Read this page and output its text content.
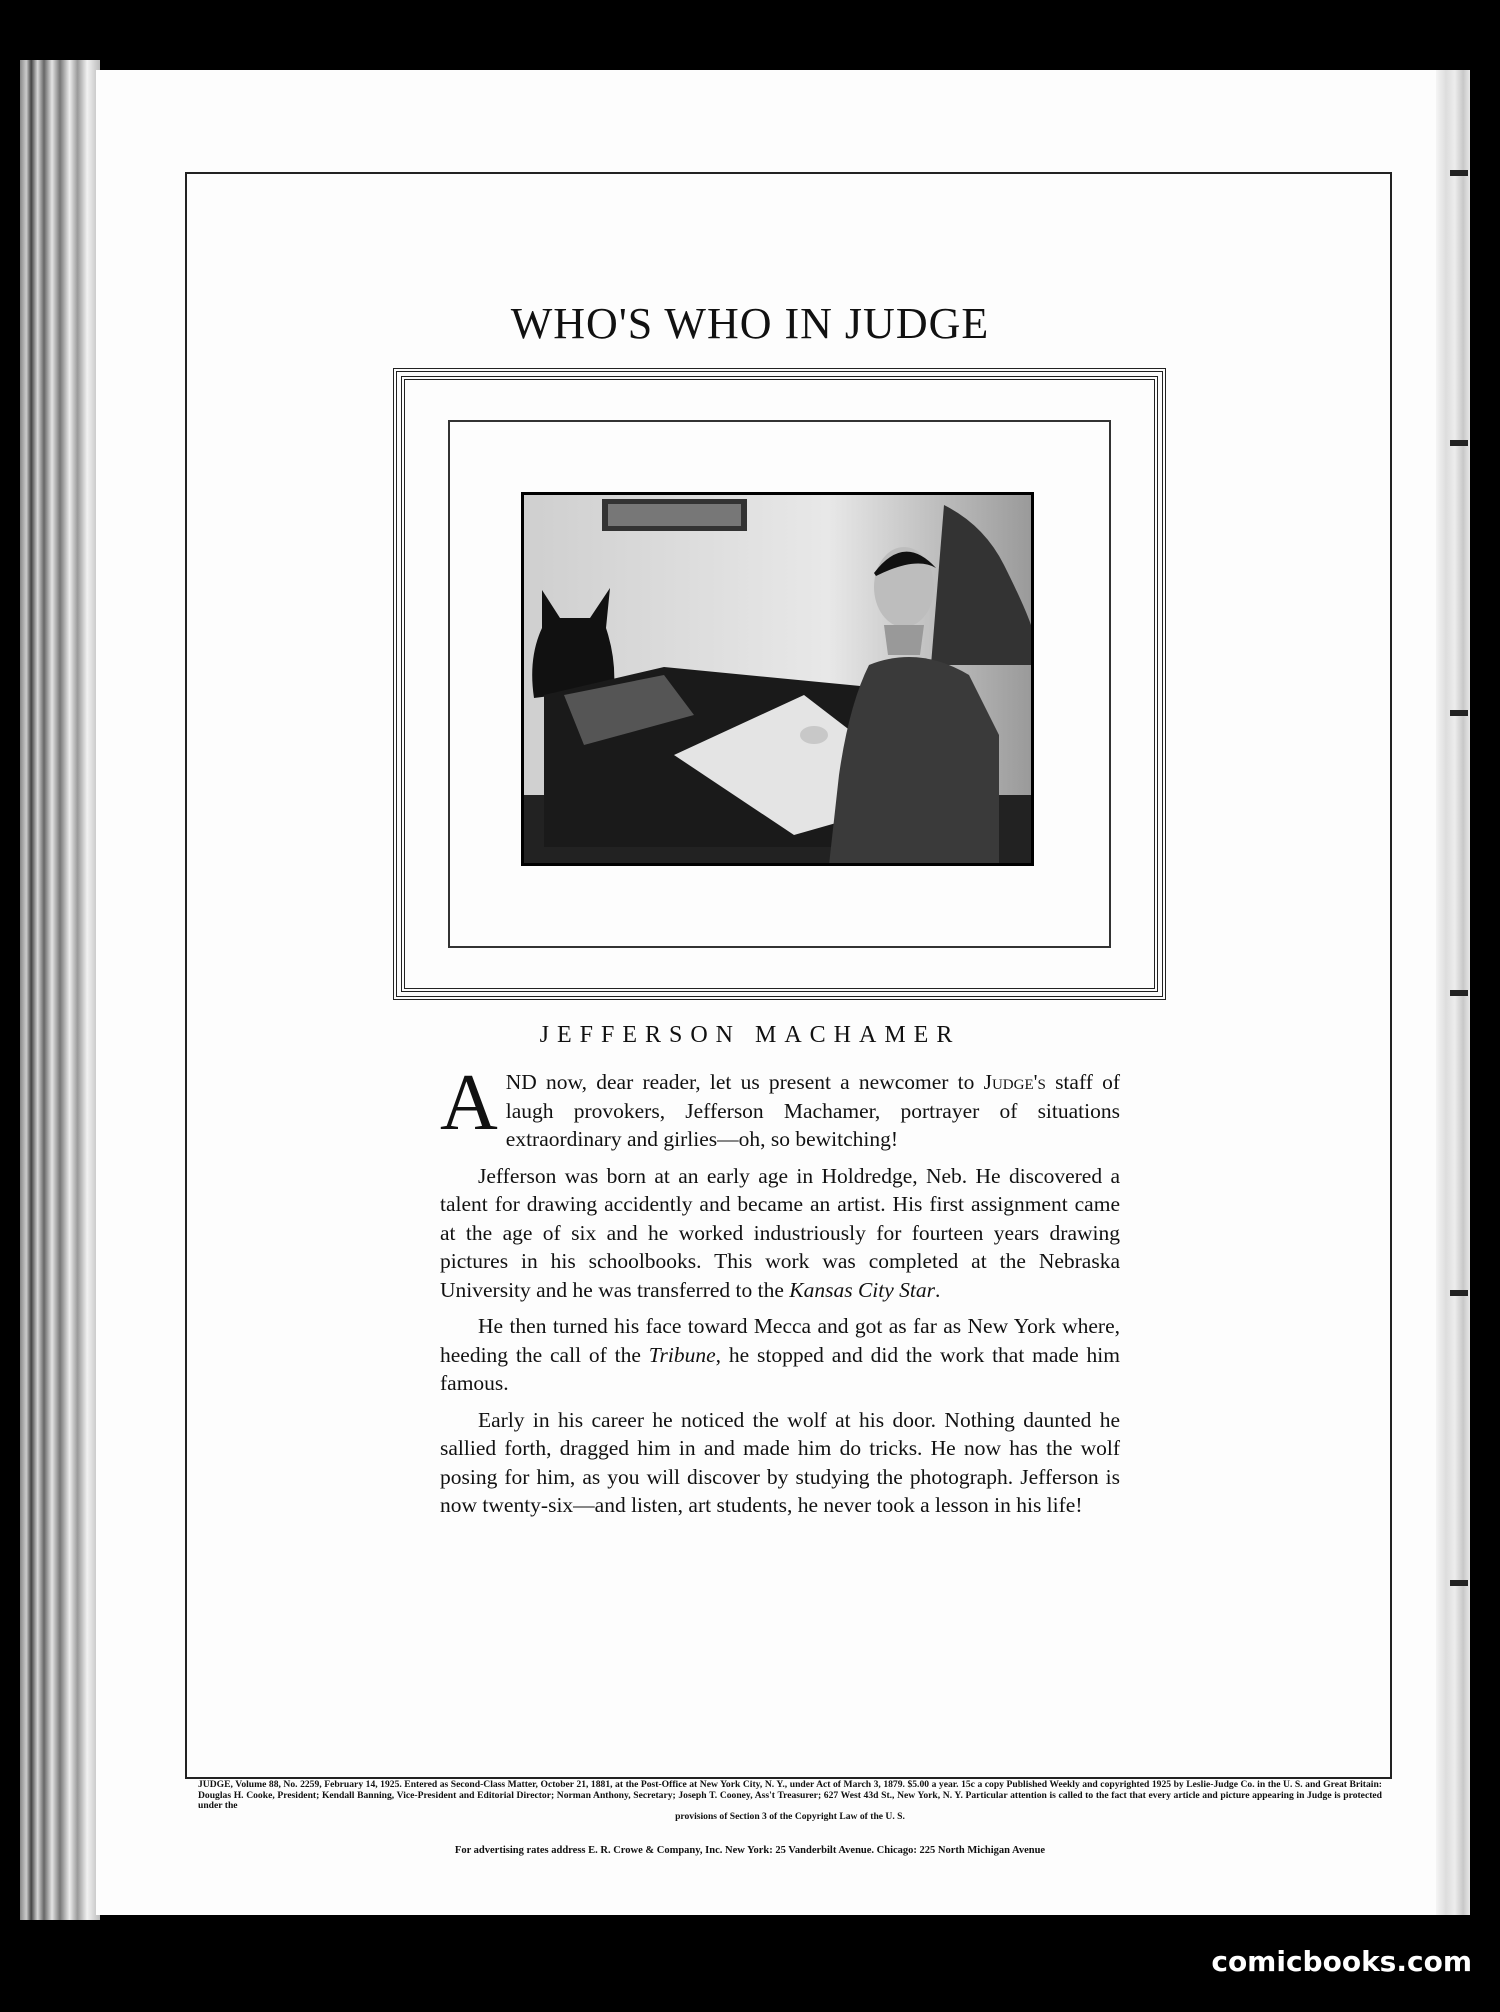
WHO'S WHO IN JUDGE
JEFFERSON MACHAMER

AND now, dear reader, let us present a newcomer to Judge's staff of laugh provokers, Jefferson Machamer, portrayer of situations extraordinary and girlies—oh, so bewitching!

Jefferson was born at an early age in Holdredge, Neb. He discovered a talent for drawing accidently and became an artist. His first assignment came at the age of six and he worked industriously for fourteen years drawing pictures in his schoolbooks. This work was completed at the Nebraska University and he was transferred to the Kansas City Star.

He then turned his face toward Mecca and got as far as New York where, heeding the call of the Tribune, he stopped and did the work that made him famous.

Early in his career he noticed the wolf at his door. Nothing daunted he sallied forth, dragged him in and made him do tricks. He now has the wolf posing for him, as you will discover by studying the photograph. Jefferson is now twenty-six—and listen, art students, he never took a lesson in his life!

JUDGE, Volume 88, No. 2259, February 14, 1925. Entered as Second-Class Matter, October 21, 1881, at the Post-Office at New York City, N. Y., under Act of March 3, 1879. $5.00 a year. 15c a copy Published Weekly and copyrighted 1925 by Leslie-Judge Co. in the U. S. and Great Britain: Douglas H. Cooke, President; Kendall Banning, Vice-President and Editorial Director; Norman Anthony, Secretary; Joseph T. Cooney, Ass't Treasurer; 627 West 43d St., New York, N. Y. Particular attention is called to the fact that every article and picture appearing in Judge is protected under the
provisions of Section 3 of the Copyright Law of the U. S.
For advertising rates address E. R. Crowe & Company, Inc. New York: 25 Vanderbilt Avenue. Chicago: 225 North Michigan Avenue
comicbooks.com
